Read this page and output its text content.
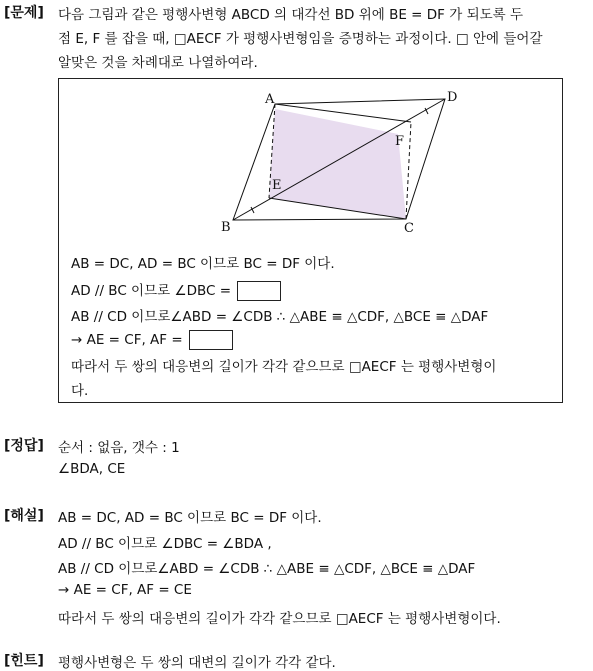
[문제] 다음 그림과 같은 평행사변형 ABCD 의 대각선 BD 위에 BE = DF 가 되도록 두
점 E, F 를 잡을 때, □AECF 가 평행사변형임을 증명하는 과정이다. □ 안에 들어갈
알맞은 것을 차례대로 나열하여라.
A	D
B	C
E
F
AB = DC, AD = BC 이므로 BC = DF 이다.
AD // BC 이므로 ∠DBC =
AB // CD 이므로∠ABD = ∠CDB ∴ △ABE ≡ △CDF, △BCE ≡ △DAF
→ AE = CF, AF =
따라서 두 쌍의 대응변의 길이가 각각 같으므로 □AECF 는 평행사변형이
다.
[정답] 순서 : 없음, 갯수 : 1
∠BDA, CE
[해설] AB = DC, AD = BC 이므로 BC = DF 이다.
AD // BC 이므로 ∠DBC = ∠BDA ,
AB // CD 이므로∠ABD = ∠CDB ∴ △ABE ≡ △CDF, △BCE ≡ △DAF
→ AE = CF, AF = CE
따라서 두 쌍의 대응변의 길이가 각각 같으므로 □AECF 는 평행사변형이다.
[힌트] 평행사변형은 두 쌍의 대변의 길이가 각각 같다.
